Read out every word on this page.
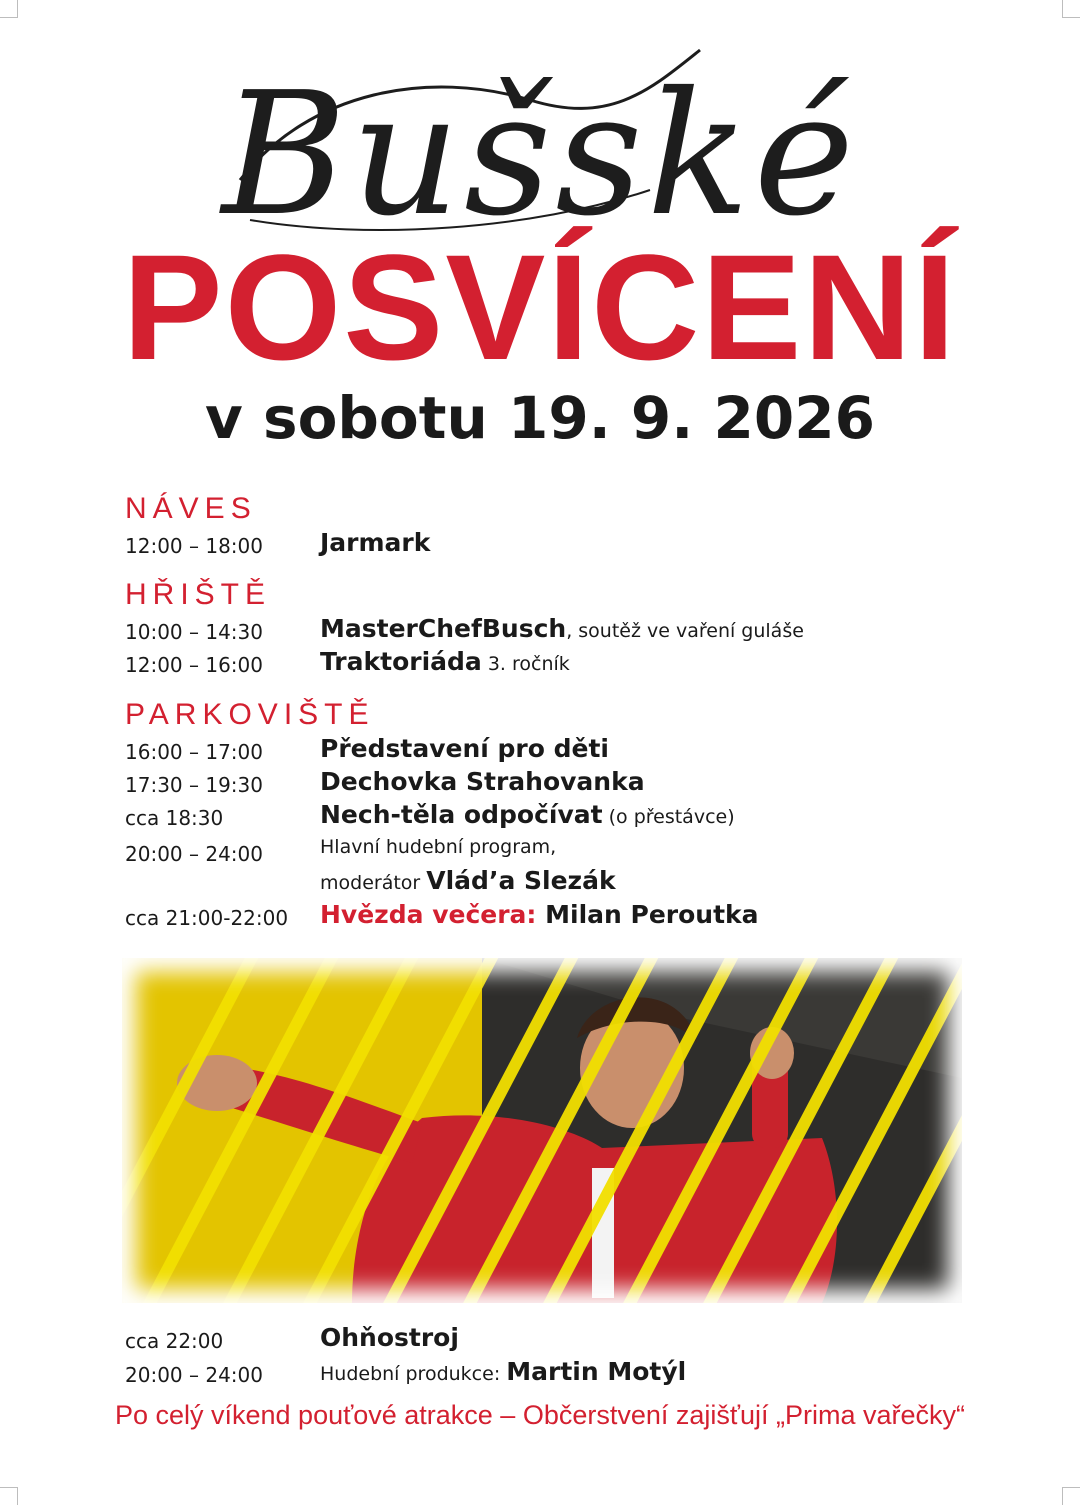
Bušské
POSVÍCENÍ
v sobotu 19. 9. 2026
NÁVES
12:00 – 18:00 Jarmark
HŘIŠTĚ
10:00 – 14:30 MasterChefBusch, soutěž ve vaření guláše
12:00 – 16:00 Traktoriáda 3. ročník
PARKOVIŠTĚ
16:00 – 17:00 Představení pro děti
17:30 – 19:30 Dechovka Strahovanka
cca 18:30	Nech-těla odpočívat (o přestávce)
20:00 – 24:00	Hlavní hudební program,
moderátor Vlád’a Slezák
cca 21:00-22:00 Hvězda večera: Milan Peroutka
cca 22:00	Ohňostroj
20:00 – 24:00	Hudební produkce: Martin Motýl
Po celý víkend pouťové atrakce – Občerstvení zajišťují „Prima vařečky“
